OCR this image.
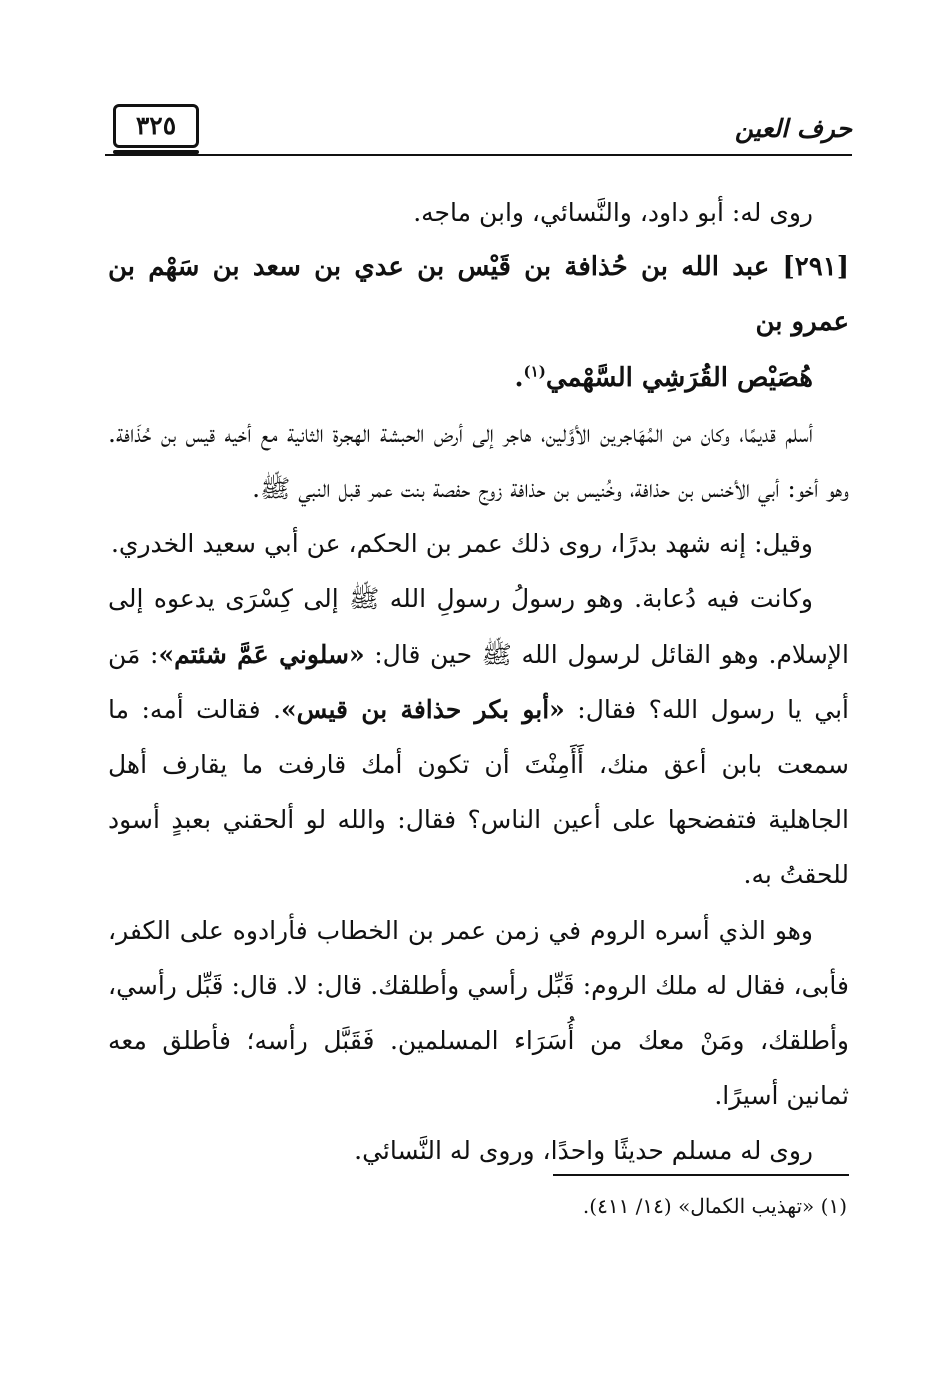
٣٢٥	حرف العين

روى له: أبو داود، والنَّسائي، وابن ماجه.

[٢٩١] عبد الله بن حُذافة بن قَيْس بن عدي بن سعد بن سَهْم بن عمرو بن
هُصَيْص القُرَشِي السَّهْمي$^{(١)}$.

أسلم قديمًا، وكان من المُهَاجرين الأوَّلين، هاجر إلى أرض الحبشة الهجرة الثانية مع أخيه قيس بن حُذَافة. وهو أخو: أبي الأخنس بن حذافة، وخُنيس بن حذافة زوج حفصة بنت عمر قبل النبي ﷺ.

وقيل: إنه شهد بدرًا، روى ذلك عمر بن الحكم، عن أبي سعيد الخدري.

وكانت فيه دُعابة. وهو رسولُ رسولِ الله ﷺ إلى كِسْرَى يدعوه إلى الإسلام. وهو القائل لرسول الله ﷺ حين قال: «سلوني عَمَّ شئتم»: مَن أبي يا رسول الله؟ فقال: «أبو بكر حذافة بن قيس». فقالت أمه: ما سمعت بابن أعق منك، أَأَمِنْتَ أن تكون أمك قارفت ما يقارف أهل الجاهلية فتفضحها على أعين الناس؟ فقال: والله لو ألحقني بعبدٍ أسود للحقتُ به.

وهو الذي أسره الروم في زمن عمر بن الخطاب فأرادوه على الكفر، فأبى، فقال له ملك الروم: قَبِّل رأسي وأطلقك. قال: لا. قال: قَبِّل رأسي، وأطلقك، ومَنْ معك من أُسَرَاء المسلمين. فَقَبَّل رأسه؛ فأطلق معه ثمانين أسيرًا.

روى له مسلم حديثًا واحدًا، وروى له النَّسائي.

(١) «تهذيب الكمال» (١٤/ ٤١١).
